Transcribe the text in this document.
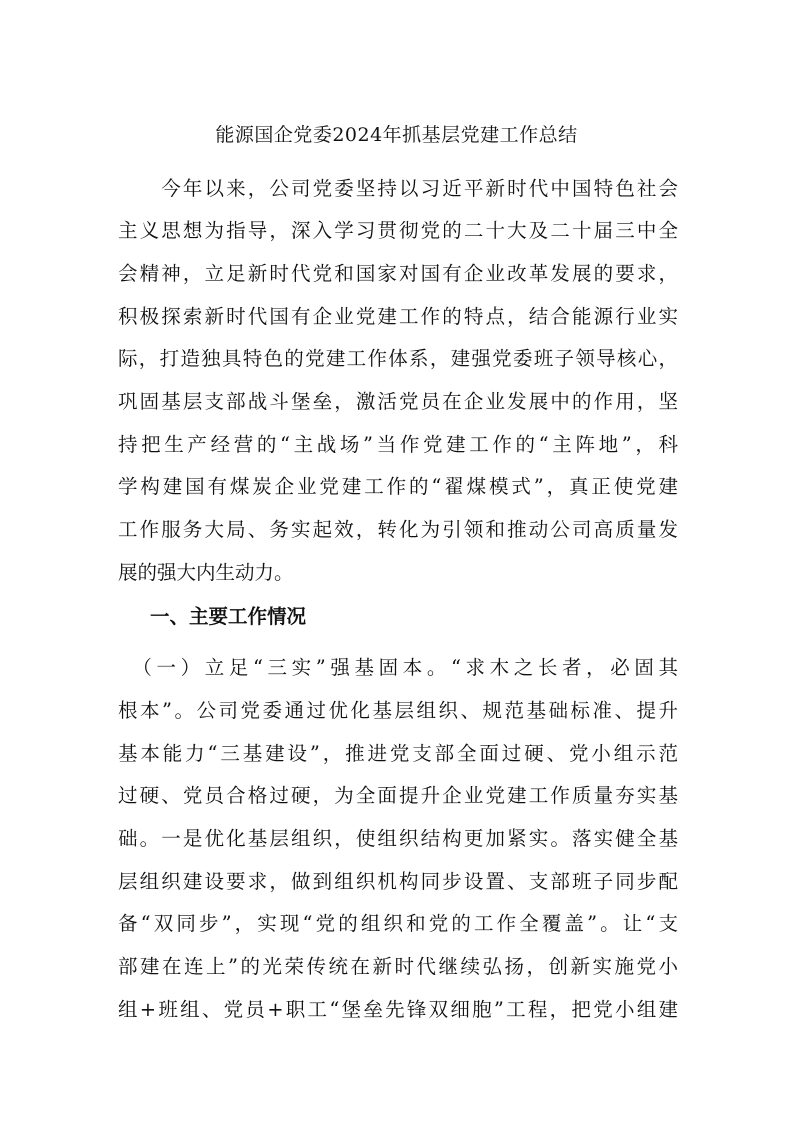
能源国企党委2024年抓基层党建工作总结

　　今年以来，公司党委坚持以习近平新时代中国特色社会

主义思想为指导，深入学习贯彻党的二十大及二十届三中全

会精神，立足新时代党和国家对国有企业改革发展的要求，

积极探索新时代国有企业党建工作的特点，结合能源行业实

际，打造独具特色的党建工作体系，建强党委班子领导核心，

巩固基层支部战斗堡垒，激活党员在企业发展中的作用，坚

持把生产经营的“主战场”当作党建工作的“主阵地”，科

学构建国有煤炭企业党建工作的“翟煤模式”，真正使党建

工作服务大局、务实起效，转化为引领和推动公司高质量发

展的强大内生动力。

一、主要工作情况

　（一）立足“三实”强基固本。“求木之长者，必固其

根本”。公司党委通过优化基层组织、规范基础标准、提升

基本能力“三基建设”，推进党支部全面过硬、党小组示范

过硬、党员合格过硬，为全面提升企业党建工作质量夯实基

础。一是优化基层组织，使组织结构更加紧实。落实健全基

层组织建设要求，做到组织机构同步设置、支部班子同步配

备“双同步”，实现“党的组织和党的工作全覆盖”。让“支

部建在连上”的光荣传统在新时代继续弘扬，创新实施党小

组+班组、党员+职工“堡垒先锋双细胞”工程，把党小组建
